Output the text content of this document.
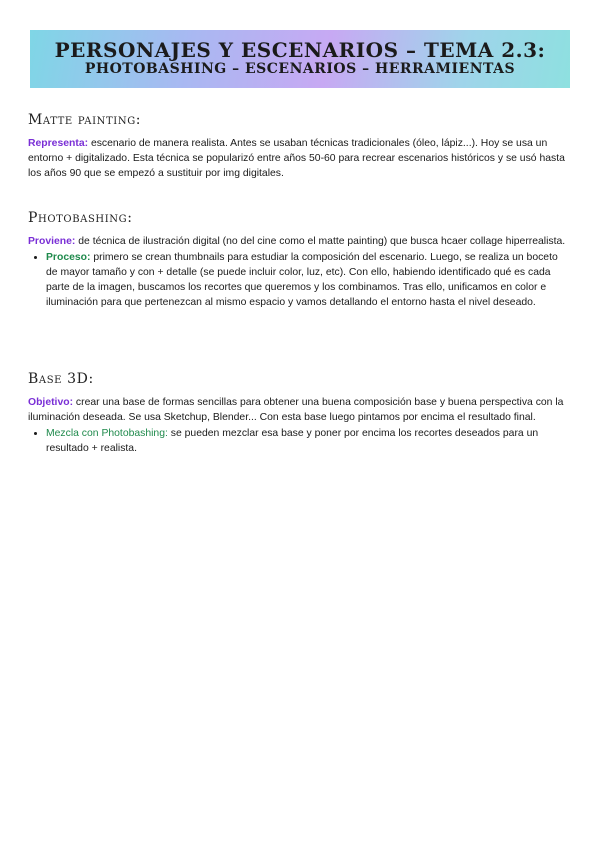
PERSONAJES Y ESCENARIOS – TEMA 2.3:
PHOTOBASHING – ESCENARIOS – HERRAMIENTAS
Matte painting:

Representa: escenario de manera realista. Antes se usaban técnicas tradicionales (óleo, lápiz...). Hoy se usa un entorno + digitalizado. Esta técnica se popularizó entre años 50-60 para recrear escenarios históricos y se usó hasta los años 90 que se empezó a sustituir por img digitales.

Photobashing:

Proviene: de técnica de ilustración digital (no del cine como el matte painting) que busca hcaer collage hiperrealista.

• Proceso: primero se crean thumbnails para estudiar la composición del escenario. Luego, se realiza un boceto de mayor tamaño y con + detalle (se puede incluir color, luz, etc). Con ello, habiendo identificado qué es cada parte de la imagen, buscamos los recortes que queremos y los combinamos. Tras ello, unificamos en color e iluminación para que pertenezcan al mismo espacio y vamos detallando el entorno hasta el nivel deseado.
Base 3D:

Objetivo: crear una base de formas sencillas para obtener una buena composición base y buena perspectiva con la iluminación deseada. Se usa Sketchup, Blender... Con esta base luego pintamos por encima el resultado final.

• Mezcla con Photobashing: se pueden mezclar esa base y poner por encima los recortes deseados para un resultado + realista.
